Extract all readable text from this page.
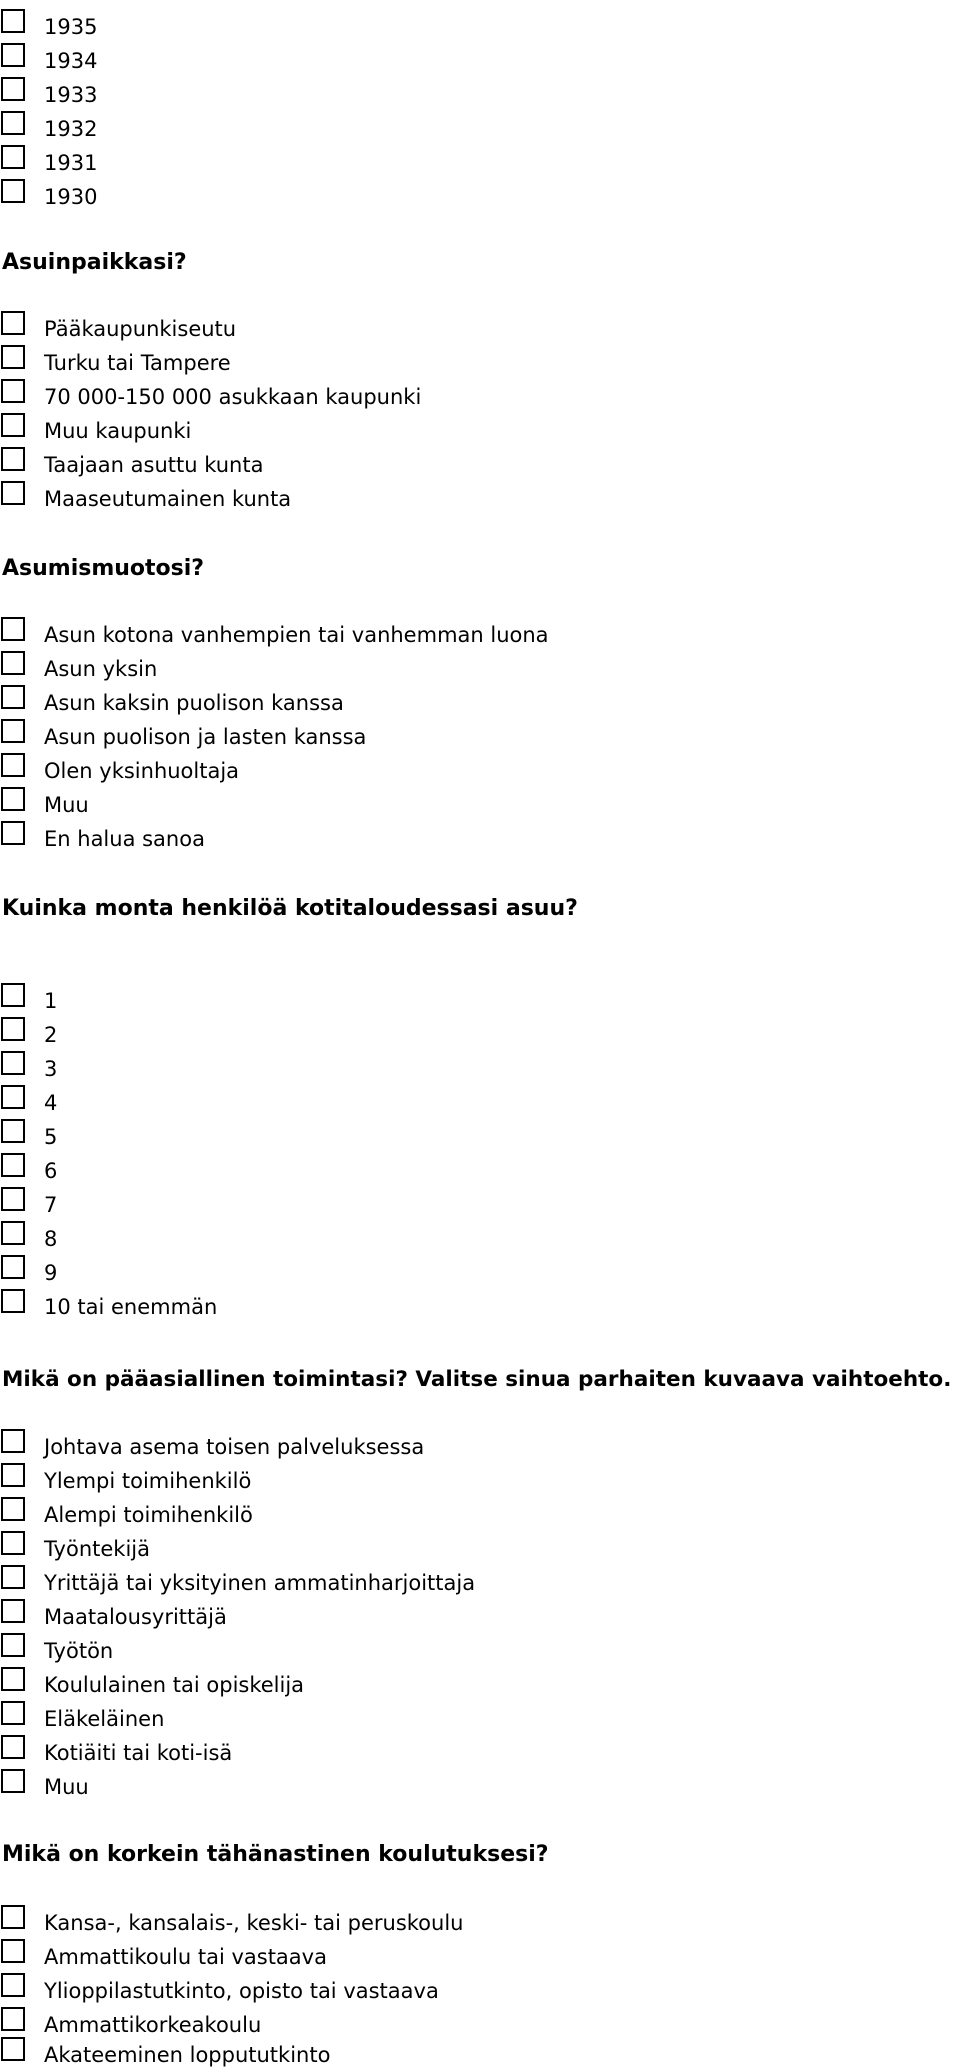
1935
1934
1933
1932
1931
1930
Asuinpaikkasi?
Pääkaupunkiseutu
Turku tai Tampere
70 000-150 000 asukkaan kaupunki
Muu kaupunki
Taajaan asuttu kunta
Maaseutumainen kunta
Asumismuotosi?
Asun kotona vanhempien tai vanhemman luona
Asun yksin
Asun kaksin puolison kanssa
Asun puolison ja lasten kanssa
Olen yksinhuoltaja
Muu
En halua sanoa
Kuinka monta henkilöä kotitaloudessasi asuu?
1
2
3
4
5
6
7
8
9
10 tai enemmän
Mikä on pääasiallinen toimintasi? Valitse sinua parhaiten kuvaava vaihtoehto.
Johtava asema toisen palveluksessa
Ylempi toimihenkilö
Alempi toimihenkilö
Työntekijä
Yrittäjä tai yksityinen ammatinharjoittaja
Maatalousyrittäjä
Työtön
Koululainen tai opiskelija
Eläkeläinen
Kotiäiti tai koti-isä
Muu
Mikä on korkein tähänastinen koulutuksesi?
Kansa-, kansalais-, keski- tai peruskoulu
Ammattikoulu tai vastaava
Ylioppilastutkinto, opisto tai vastaava
Ammattikorkeakoulu
Akateeminen loppututkinto
